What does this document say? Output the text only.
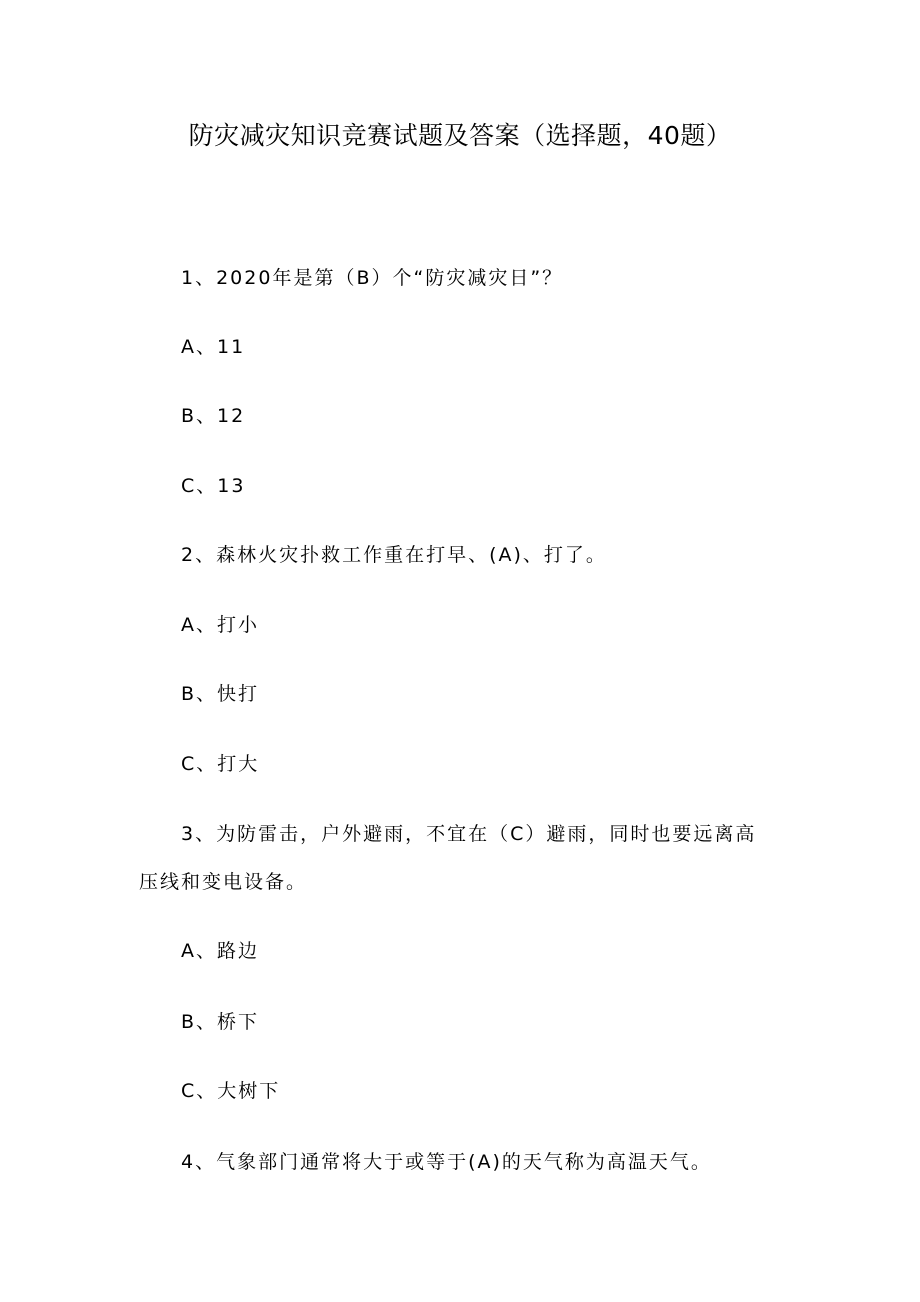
防灾减灾知识竞赛试题及答案（选择题，40题）
1、2020年是第（B）个“防灾减灾日”？
A、11
B、12
C、13
2、森林火灾扑救工作重在打早、(A)、打了。
A、打小
B、快打
C、打大
3、为防雷击，户外避雨，不宜在（C）避雨，同时也要远离高
压线和变电设备。
A、路边
B、桥下
C、大树下
4、气象部门通常将大于或等于(A)的天气称为高温天气。
